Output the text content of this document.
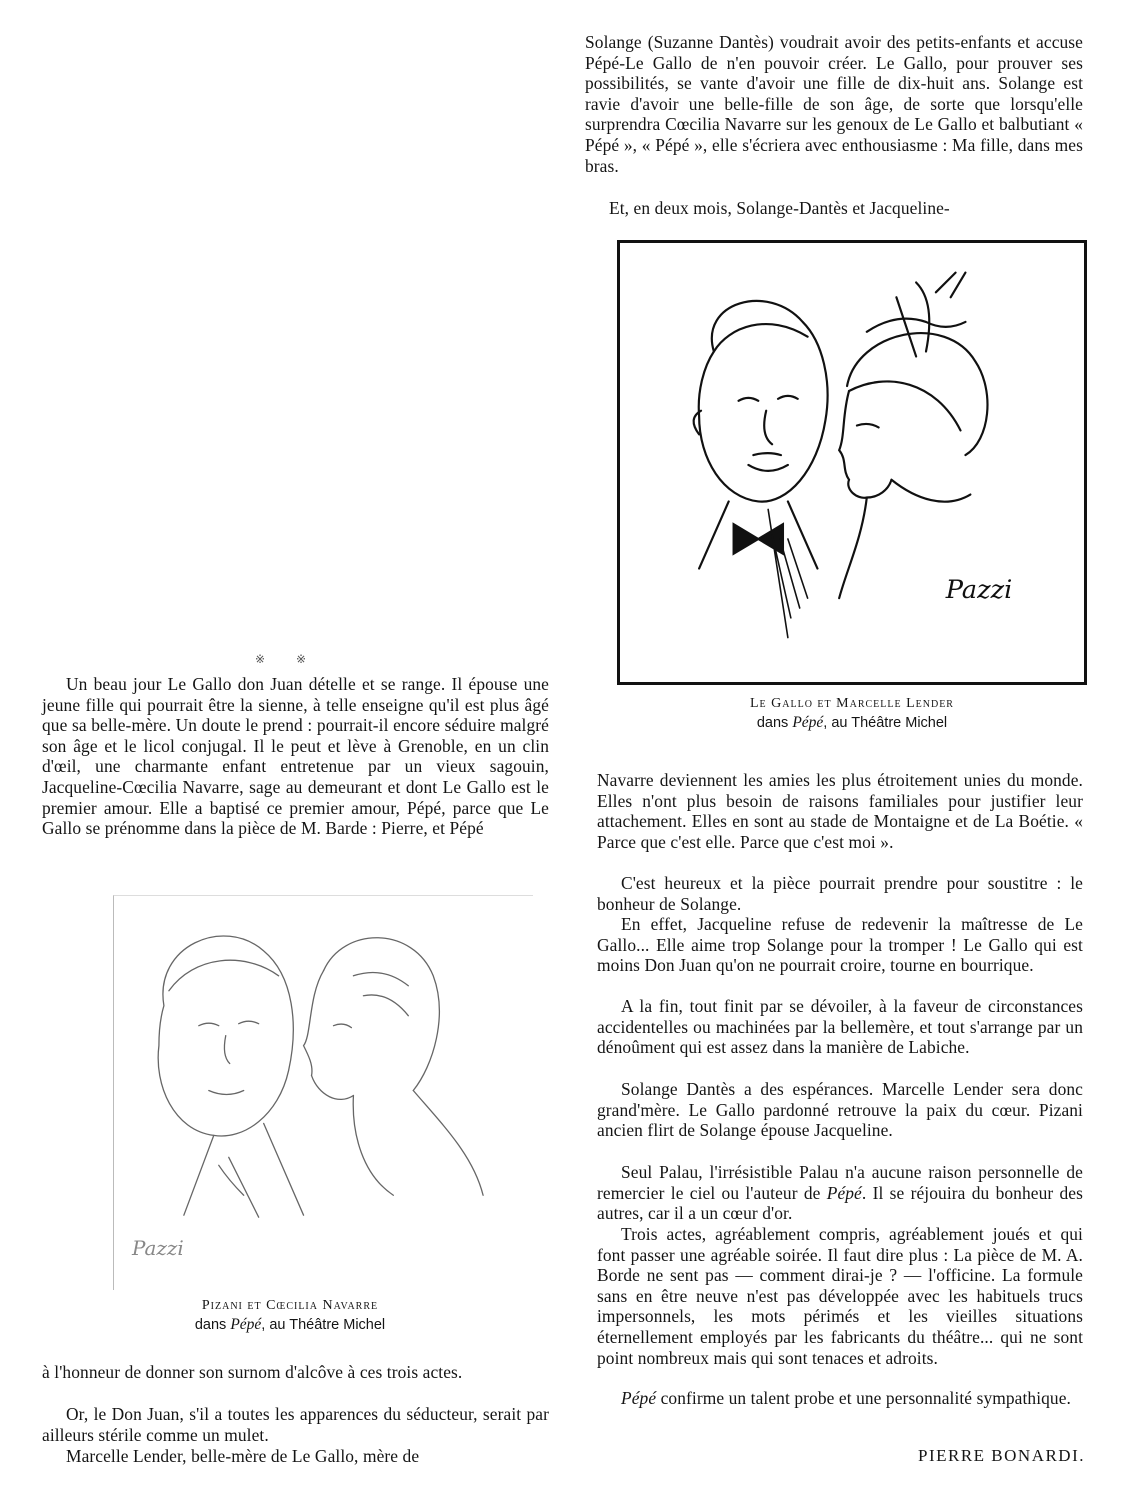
Solange (Suzanne Dantès) voudrait avoir des petits-enfants et accuse Pépé-Le Gallo de n'en pouvoir créer. Le Gallo, pour prouver ses possibilités, se vante d'avoir une fille de dix-huit ans. Solange est ravie d'avoir une belle-fille de son âge, de sorte que lorsqu'elle surprendra Cœcilia Navarre sur les genoux de Le Gallo et balbutiant « Pépé », « Pépé », elle s'écriera avec enthousiasme : Ma fille, dans mes bras.

Et, en deux mois, Solange-Dantès et Jacqueline-

Pazzi
Le Gallo et Marcelle Lender
dans Pépé, au Théâtre Michel

Navarre deviennent les amies les plus étroitement unies du monde. Elles n'ont plus besoin de raisons familiales pour justifier leur attachement. Elles en sont au stade de Montaigne et de La Boétie. « Parce que c'est elle. Parce que c'est moi ».

C'est heureux et la pièce pourrait prendre pour soustitre : le bonheur de Solange.

En effet, Jacqueline refuse de redevenir la maîtresse de Le Gallo... Elle aime trop Solange pour la tromper ! Le Gallo qui est moins Don Juan qu'on ne pourrait croire, tourne en bourrique.

A la fin, tout finit par se dévoiler, à la faveur de circonstances accidentelles ou machinées par la bellemère, et tout s'arrange par un dénoûment qui est assez dans la manière de Labiche.

Solange Dantès a des espérances. Marcelle Lender sera donc grand'mère. Le Gallo pardonné retrouve la paix du cœur. Pizani ancien flirt de Solange épouse Jacqueline.

Seul Palau, l'irrésistible Palau n'a aucune raison personnelle de remercier le ciel ou l'auteur de Pépé. Il se réjouira du bonheur des autres, car il a un cœur d'or.

Trois actes, agréablement compris, agréablement joués et qui font passer une agréable soirée. Il faut dire plus : La pièce de M. A. Borde ne sent pas — comment dirai-je ? — l'officine. La formule sans en être neuve n'est pas développée avec les habituels trucs impersonnels, les mots périmés et les vieilles situations éternellement employés par les fabricants du théâtre... qui ne sont point nombreux mais qui sont tenaces et adroits.

Pépé confirme un talent probe et une personnalité sympathique.

PIERRE BONARDI.
※ ※

Un beau jour Le Gallo don Juan dételle et se range. Il épouse une jeune fille qui pourrait être la sienne, à telle enseigne qu'il est plus âgé que sa belle-mère. Un doute le prend : pourrait-il encore séduire malgré son âge et le licol conjugal. Il le peut et lève à Grenoble, en un clin d'œil, une charmante enfant entretenue par un vieux sagouin, Jacqueline-Cœcilia Navarre, sage au demeurant et dont Le Gallo est le premier amour. Elle a baptisé ce premier amour, Pépé, parce que Le Gallo se prénomme dans la pièce de M. Barde : Pierre, et Pépé

Pazzi
Pizani et Cœcilia Navarre
dans Pépé, au Théâtre Michel

à l'honneur de donner son surnom d'alcôve à ces trois actes.

Or, le Don Juan, s'il a toutes les apparences du séducteur, serait par ailleurs stérile comme un mulet.

Marcelle Lender, belle-mère de Le Gallo, mère de
